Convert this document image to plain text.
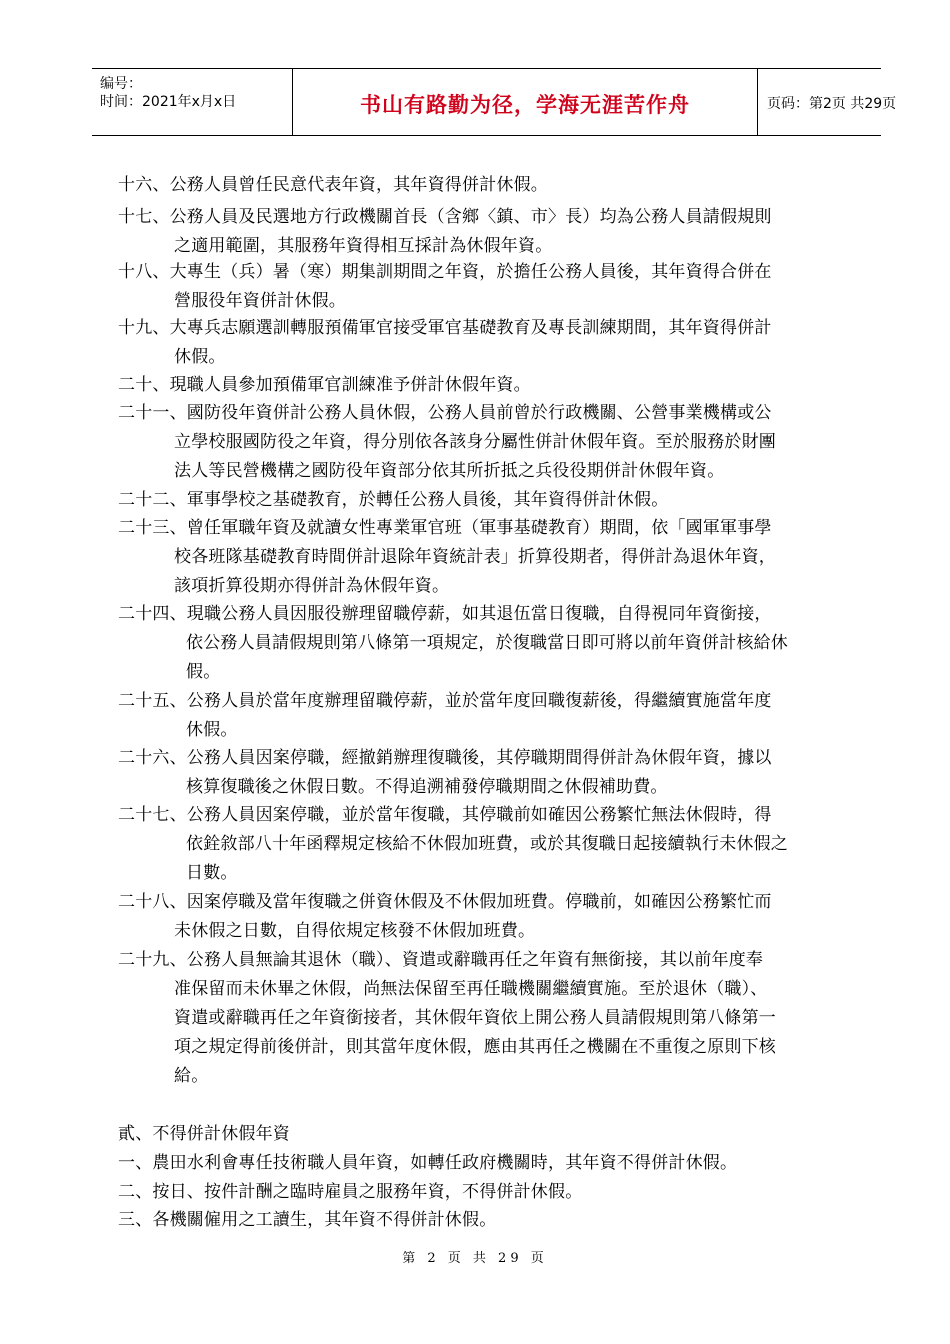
编号：
时间：2021年x月x日	书山有路勤为径，学海无涯苦作舟	页码：第2页 共29页
十六、公務人員曾任民意代表年資，其年資得併計休假。
十七、公務人員及民選地方行政機關首長（含鄉〈鎮、市〉長）均為公務人員請假規則
之適用範圍，其服務年資得相互採計為休假年資。
十八、大專生（兵）暑（寒）期集訓期間之年資，於擔任公務人員後，其年資得合併在
營服役年資併計休假。
十九、大專兵志願選訓轉服預備軍官接受軍官基礎教育及專長訓練期間，其年資得併計
休假。
二十、現職人員參加預備軍官訓練准予併計休假年資。
二十一、國防役年資併計公務人員休假，公務人員前曾於行政機關、公營事業機構或公
立學校服國防役之年資，得分別依各該身分屬性併計休假年資。至於服務於財團
法人等民營機構之國防役年資部分依其所折抵之兵役役期併計休假年資。
二十二、軍事學校之基礎教育，於轉任公務人員後，其年資得併計休假。
二十三、曾任軍職年資及就讀女性專業軍官班（軍事基礎教育）期間，依「國軍軍事學
校各班隊基礎教育時間併計退除年資統計表」折算役期者，得併計為退休年資，
該項折算役期亦得併計為休假年資。
二十四、現職公務人員因服役辦理留職停薪，如其退伍當日復職，自得視同年資銜接，
依公務人員請假規則第八條第一項規定，於復職當日即可將以前年資併計核給休
假。
二十五、公務人員於當年度辦理留職停薪，並於當年度回職復薪後，得繼續實施當年度
休假。
二十六、公務人員因案停職，經撤銷辦理復職後，其停職期間得併計為休假年資，據以
核算復職後之休假日數。不得追溯補發停職期間之休假補助費。
二十七、公務人員因案停職，並於當年復職，其停職前如確因公務繁忙無法休假時，得
依銓敘部八十年函釋規定核給不休假加班費，或於其復職日起接續執行未休假之
日數。
二十八、因案停職及當年復職之併資休假及不休假加班費。停職前，如確因公務繁忙而
未休假之日數，自得依規定核發不休假加班費。
二十九、公務人員無論其退休（職）、資遣或辭職再任之年資有無銜接，其以前年度奉
准保留而未休畢之休假，尚無法保留至再任職機關繼續實施。至於退休（職）、
資遣或辭職再任之年資銜接者，其休假年資依上開公務人員請假規則第八條第一
項之規定得前後併計，則其當年度休假，應由其再任之機關在不重復之原則下核
給。
貳、不得併計休假年資
一、農田水利會專任技術職人員年資，如轉任政府機關時，其年資不得併計休假。
二、按日、按件計酬之臨時雇員之服務年資，不得併計休假。
三、各機關僱用之工讀生，其年資不得併計休假。
第 2 页 共 29 页
